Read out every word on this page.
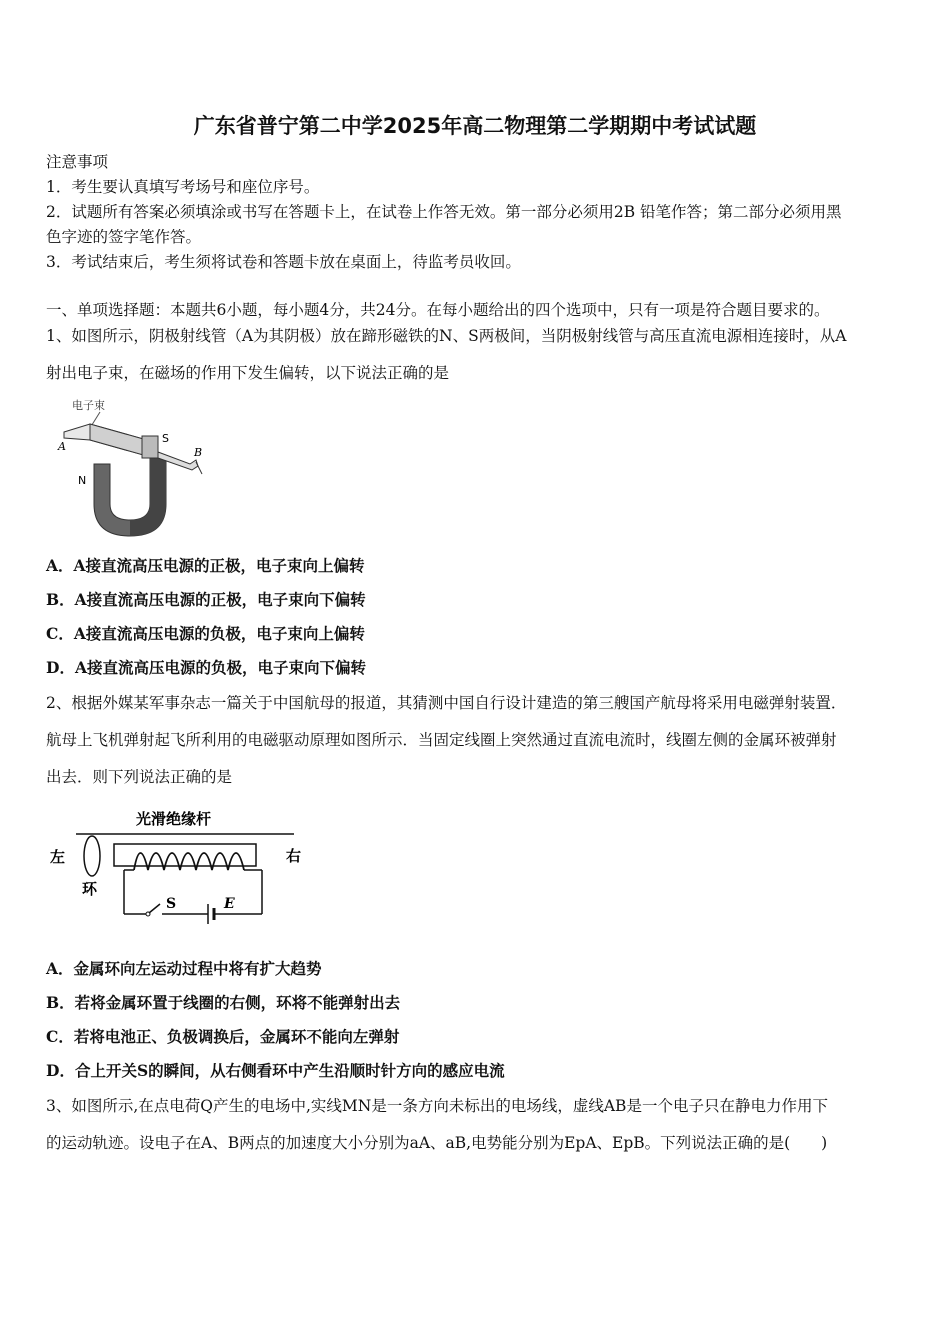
广东省普宁第二中学2025年高二物理第二学期期中考试试题
注意事项
1．考生要认真填写考场号和座位序号。
2．试题所有答案必须填涂或书写在答题卡上，在试卷上作答无效。第一部分必须用2B 铅笔作答；第二部分必须用黑
色字迹的签字笔作答。
3．考试结束后，考生须将试卷和答题卡放在桌面上，待监考员收回。
一、单项选择题：本题共6小题，每小题4分，共24分。在每小题给出的四个选项中，只有一项是符合题目要求的。
1、如图所示，阴极射线管（A为其阴极）放在蹄形磁铁的N、S两极间，当阴极射线管与高压直流电源相连接时，从A
射出电子束，在磁场的作用下发生偏转，以下说法正确的是
电子束
S
A	B
N
A．A接直流高压电源的正极，电子束向上偏转
B．A接直流高压电源的正极，电子束向下偏转
C．A接直流高压电源的负极，电子束向上偏转
D．A接直流高压电源的负极，电子束向下偏转
2、根据外媒某军事杂志一篇关于中国航母的报道，其猜测中国自行设计建造的第三艘国产航母将采用电磁弹射装置．
航母上飞机弹射起飞所利用的电磁驱动原理如图所示．当固定线圈上突然通过直流电流时，线圈左侧的金属环被弹射
出去．则下列说法正确的是
光滑绝缘杆
左
环
右
S	E
A．金属环向左运动过程中将有扩大趋势
B．若将金属环置于线圈的右侧，环将不能弹射出去
C．若将电池正、负极调换后，金属环不能向左弹射
D．合上开关S的瞬间，从右侧看环中产生沿顺时针方向的感应电流
3、如图所示,在点电荷Q产生的电场中,实线MN是一条方向未标出的电场线，虚线AB是一个电子只在静电力作用下
的运动轨迹。设电子在A、B两点的加速度大小分别为aA、aB,电势能分别为EpA、EpB。下列说法正确的是(　　)
